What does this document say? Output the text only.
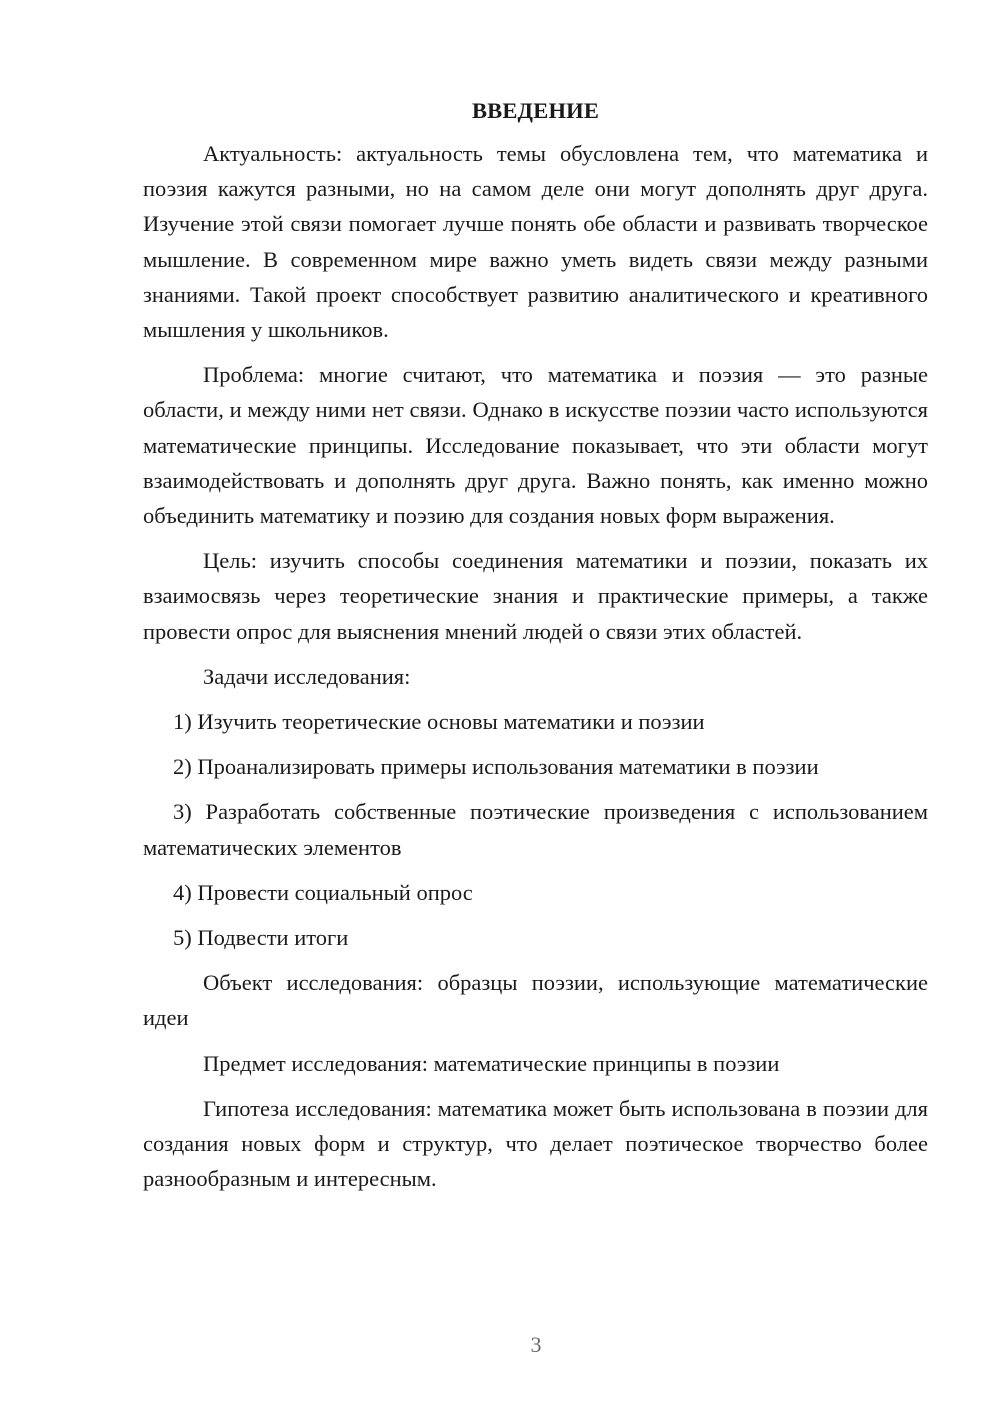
ВВЕДЕНИЕ

Актуальность: актуальность темы обусловлена тем, что математика и поэзия кажутся разными, но на самом деле они могут дополнять друг друга. Изучение этой связи помогает лучше понять обе области и развивать творческое мышление. В современном мире важно уметь видеть связи между разными знаниями. Такой проект способствует развитию аналитического и креативного мышления у школьников.

Проблема: многие считают, что математика и поэзия — это разные области, и между ними нет связи. Однако в искусстве поэзии часто используются математические принципы. Исследование показывает, что эти области могут взаимодействовать и дополнять друг друга. Важно понять, как именно можно объединить математику и поэзию для создания новых форм выражения.

Цель: изучить способы соединения математики и поэзии, показать их взаимосвязь через теоретические знания и практические примеры, а также провести опрос для выяснения мнений людей о связи этих областей.

Задачи исследования:

1) Изучить теоретические основы математики и поэзии

2) Проанализировать примеры использования математики в поэзии

3) Разработать собственные поэтические произведения с использованием математических элементов

4) Провести социальный опрос

5) Подвести итоги

Объект исследования: образцы поэзии, использующие математические идеи

Предмет исследования: математические принципы в поэзии

Гипотеза исследования: математика может быть использована в поэзии для создания новых форм и структур, что делает поэтическое творчество более разнообразным и интересным.

3
